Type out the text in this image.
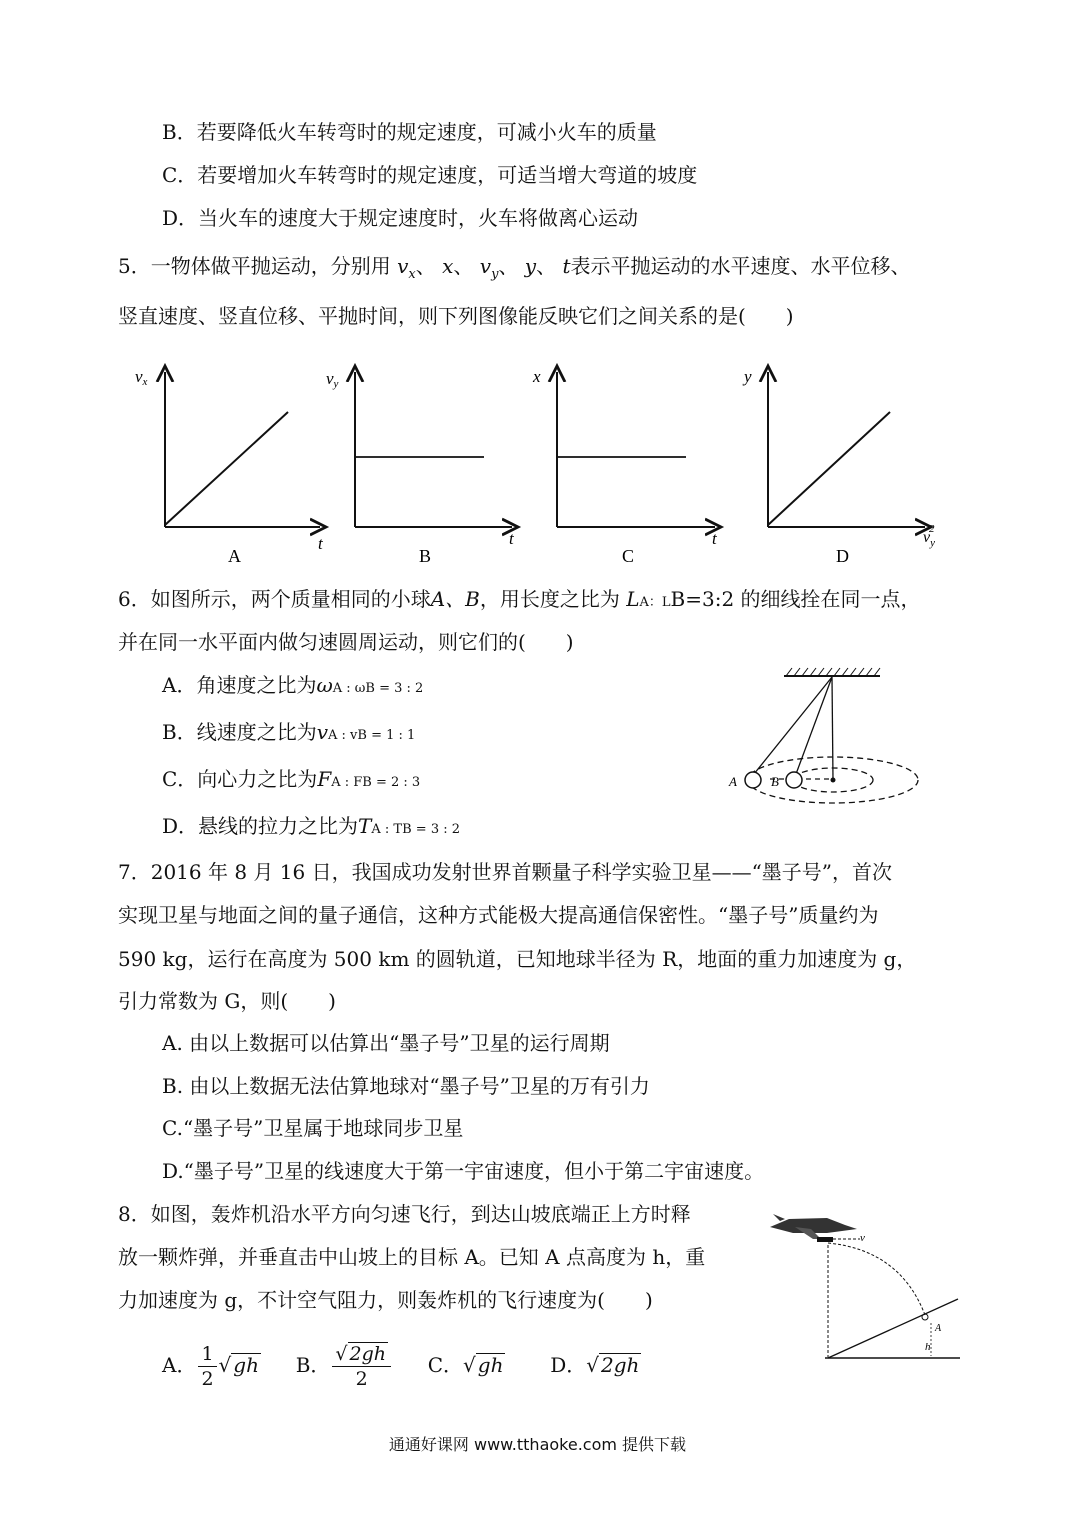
B．若要降低火车转弯时的规定速度，可减小火车的质量
C．若要增加火车转弯时的规定速度，可适当增大弯道的坡度
D．当火车的速度大于规定速度时，火车将做离心运动
5．一物体做平抛运动，分别用 $v_x$、 x、 $v_y$、 y、 t表示平抛运动的水平速度、水平位移、
竖直速度、竖直位移、平抛时间，则下列图像能反映它们之间关系的是(　　)
vx
t
A
vy
t
B
x
t
C
y
$v_y2$
D
6．如图所示，两个质量相同的小球A、B，用长度之比为 LA：LB=3:2 的细线拴在同一点，
并在同一水平面内做匀速圆周运动，则它们的(　　)
A．角速度之比为ωA : ωB = 3 : 2
B．线速度之比为vA : vB = 1 : 1
C．向心力之比为FA : FB = 2 : 3
D．悬线的拉力之比为TA : TB = 3 : 2
A	B
7．2016 年 8 月 16 日，我国成功发射世界首颗量子科学实验卫星——“墨子号”，首次
实现卫星与地面之间的量子通信，这种方式能极大提高通信保密性。“墨子号”质量约为
590 kg，运行在高度为 500 km 的圆轨道，已知地球半径为 R，地面的重力加速度为 g，
引力常数为 G，则(　　)
A. 由以上数据可以估算出“墨子号”卫星的运行周期
B. 由以上数据无法估算地球对“墨子号”卫星的万有引力
C.“墨子号”卫星属于地球同步卫星
D.“墨子号”卫星的线速度大于第一宇宙速度，但小于第二宇宙速度。
8．如图，轰炸机沿水平方向匀速飞行，到达山坡底端正上方时释
放一颗炸弹，并垂直击中山坡上的目标 A。已知 A 点高度为 h，重
力加速度为 g，不计空气阻力，则轰炸机的飞行速度为(　　)
A． $\frac{1}{2}$ √ gh B． $\frac{√ 2gh}{2}$ C．√ gh D．√ 2gh
v
A
h
通通好课网 www.tthaoke.com 提供下载
